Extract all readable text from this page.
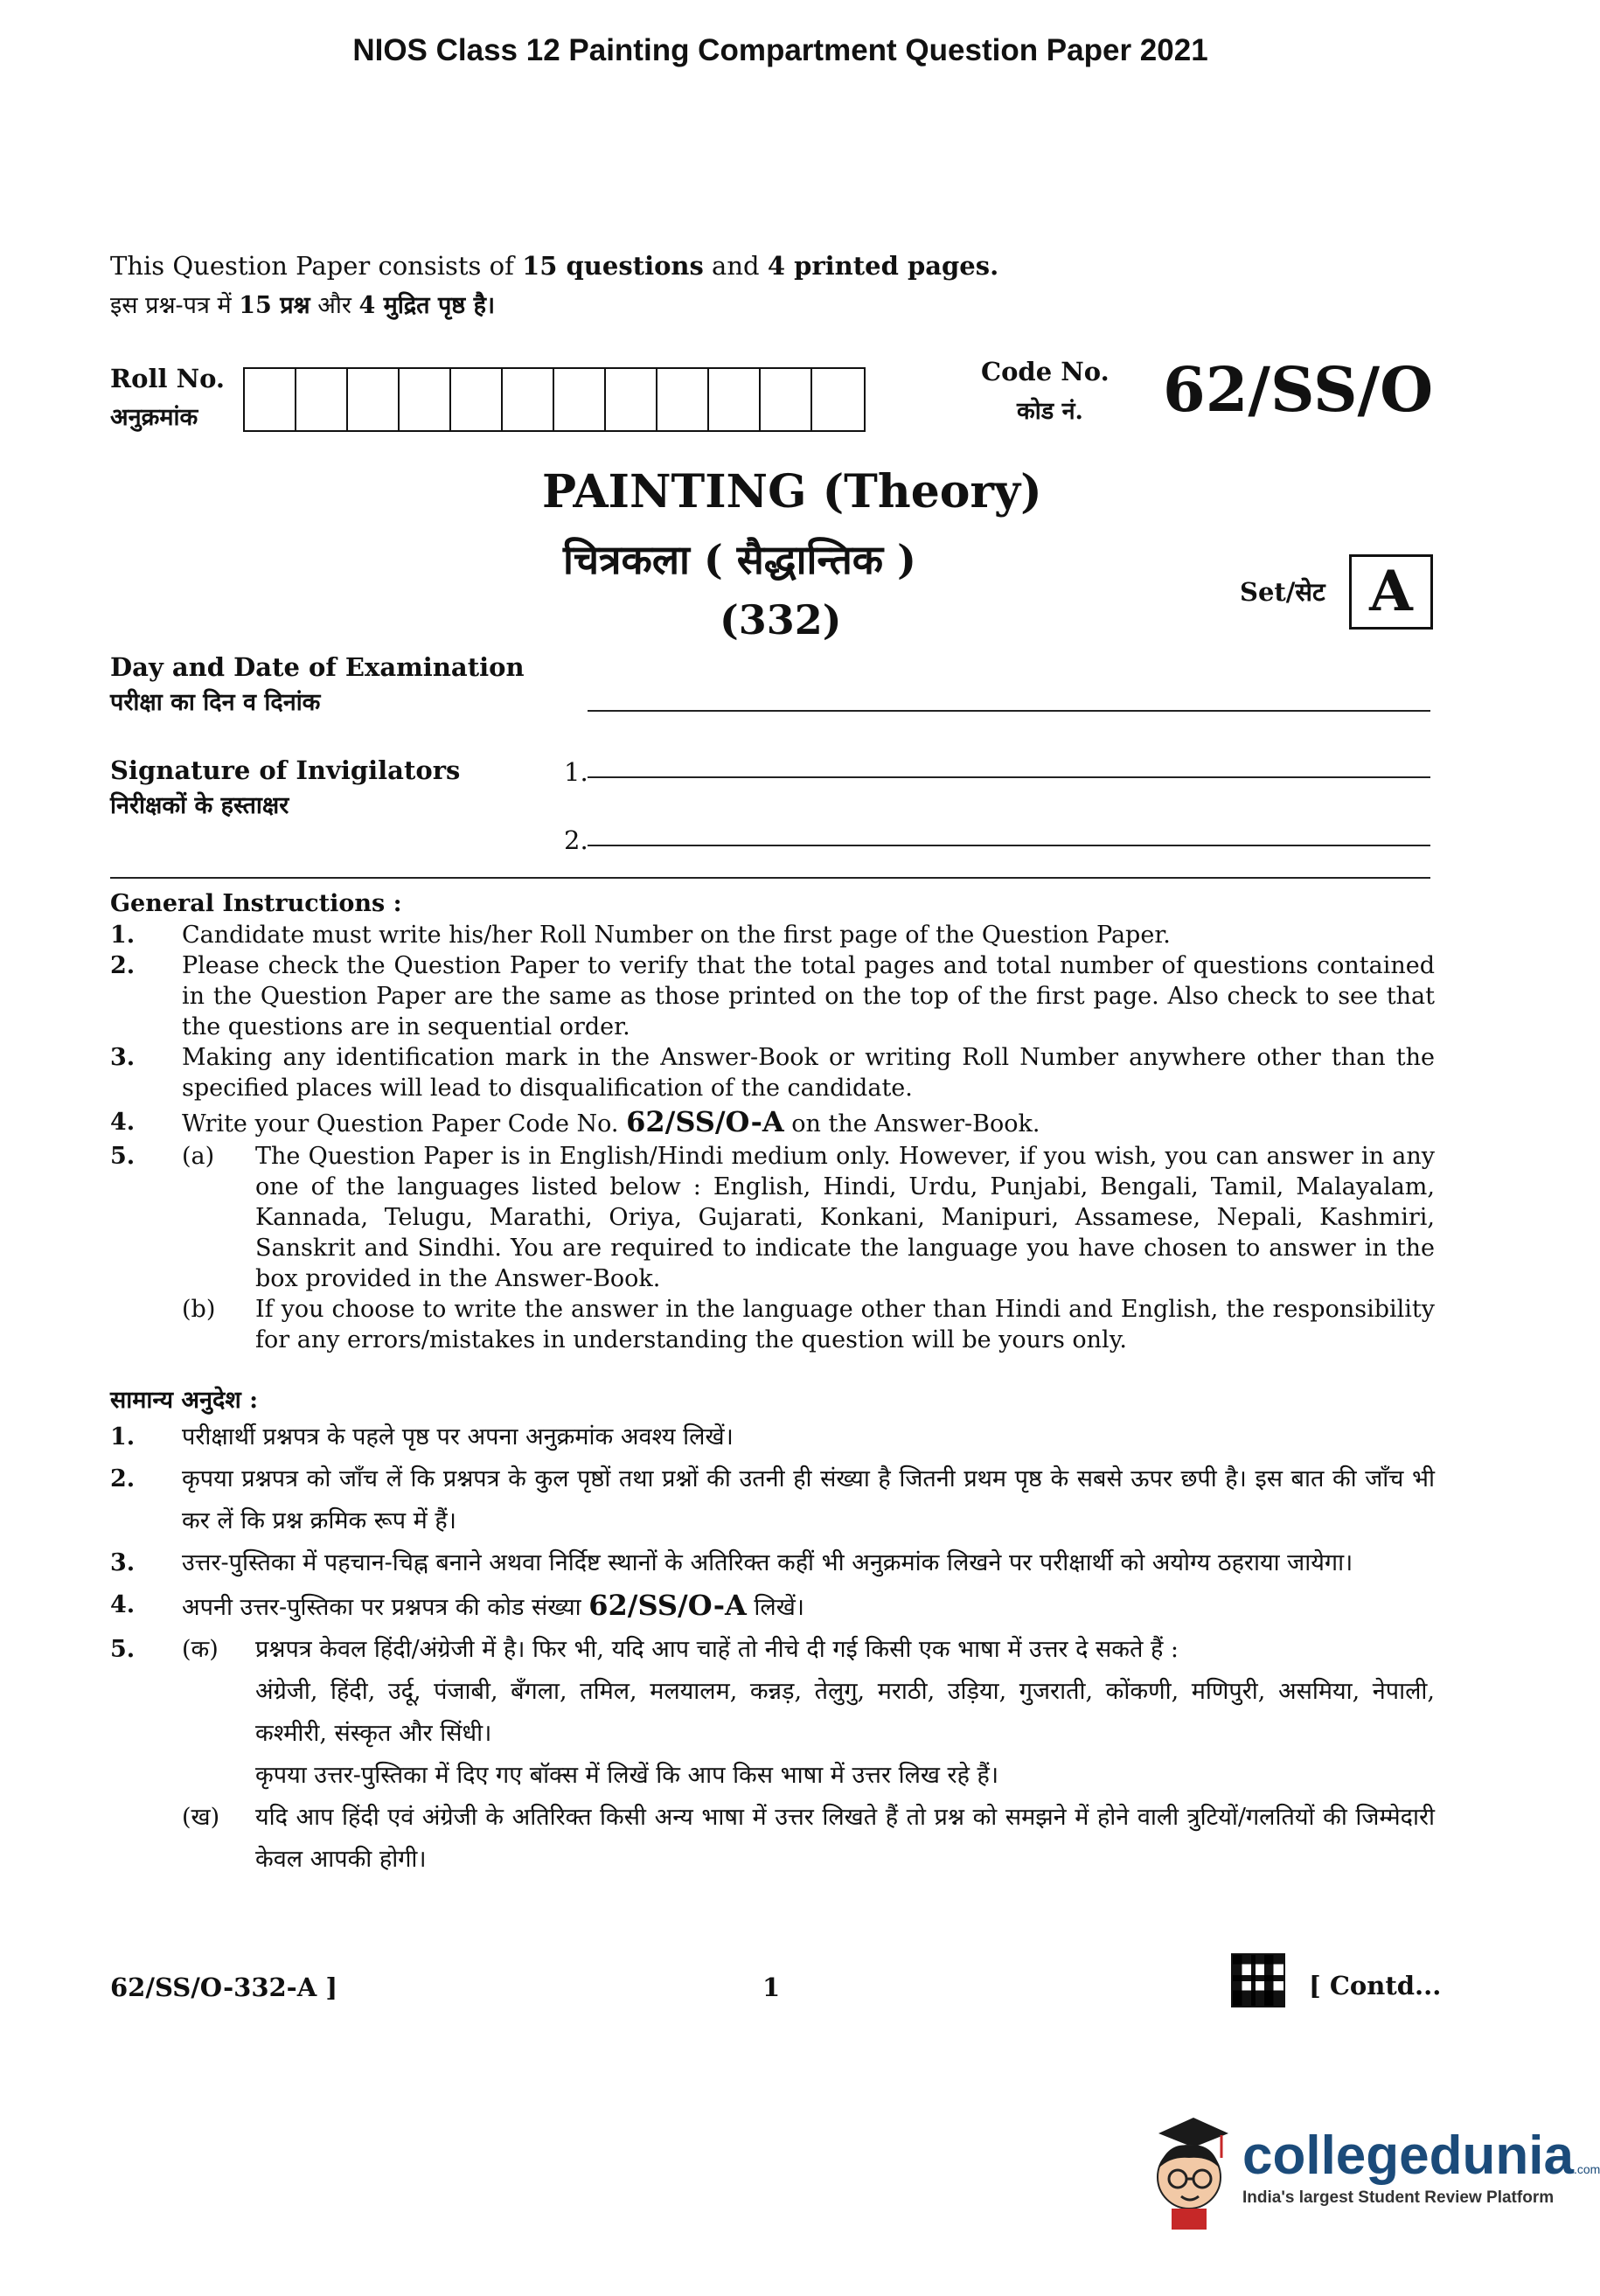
NIOS Class 12 Painting Compartment Question Paper 2021
This Question Paper consists of 15 questions and 4 printed pages.
इस प्रश्न-पत्र में 15 प्रश्न और 4 मुद्रित पृष्ठ है।
Roll No.
अनुक्रमांक
Code No.
कोड नं. 62/SS/O
PAINTING (Theory)
चित्रकला ( सैद्धान्तिक )
(332)
Set/सेट A
Day and Date of Examination
परीक्षा का दिन व दिनांक
Signature of Invigilators
निरीक्षकों के हस्ताक्षर
1.
2.
General Instructions :
1. Candidate must write his/her Roll Number on the first page of the Question Paper.
2. Please check the Question Paper to verify that the total pages and total number of questions contained in the Question Paper are the same as those printed on the top of the first page. Also check to see that the questions are in sequential order.
3. Making any identification mark in the Answer-Book or writing Roll Number anywhere other than the specified places will lead to disqualification of the candidate.
4. Write your Question Paper Code No. 62/SS/O-A on the Answer-Book.
5. (a) The Question Paper is in English/Hindi medium only. However, if you wish, you can answer in any one of the languages listed below : English, Hindi, Urdu, Punjabi, Bengali, Tamil, Malayalam, Kannada, Telugu, Marathi, Oriya, Gujarati, Konkani, Manipuri, Assamese, Nepali, Kashmiri, Sanskrit and Sindhi. You are required to indicate the language you have chosen to answer in the box provided in the Answer-Book.
(b) If you choose to write the answer in the language other than Hindi and English, the responsibility for any errors/mistakes in understanding the question will be yours only.
सामान्य अनुदेश :
1. परीक्षार्थी प्रश्नपत्र के पहले पृष्ठ पर अपना अनुक्रमांक अवश्य लिखें।
2. कृपया प्रश्नपत्र को जाँच लें कि प्रश्नपत्र के कुल पृष्ठों तथा प्रश्नों की उतनी ही संख्या है जितनी प्रथम पृष्ठ के सबसे ऊपर छपी है। इस बात की जाँच भी कर लें कि प्रश्न क्रमिक रूप में हैं।
3. उत्तर-पुस्तिका में पहचान-चिह्न बनाने अथवा निर्दिष्ट स्थानों के अतिरिक्त कहीं भी अनुक्रमांक लिखने पर परीक्षार्थी को अयोग्य ठहराया जायेगा।
4. अपनी उत्तर-पुस्तिका पर प्रश्नपत्र की कोड संख्या 62/SS/O-A लिखें।
5. (क) प्रश्नपत्र केवल हिंदी/अंग्रेजी में है। फिर भी, यदि आप चाहें तो नीचे दी गई किसी एक भाषा में उत्तर दे सकते हैं :
अंग्रेजी, हिंदी, उर्दू, पंजाबी, बँगला, तमिल, मलयालम, कन्नड़, तेलुगु, मराठी, उड़िया, गुजराती, कोंकणी, मणिपुरी, असमिया, नेपाली, कश्मीरी, संस्कृत और सिंधी।
कृपया उत्तर-पुस्तिका में दिए गए बॉक्स में लिखें कि आप किस भाषा में उत्तर लिख रहे हैं।
(ख) यदि आप हिंदी एवं अंग्रेजी के अतिरिक्त किसी अन्य भाषा में उत्तर लिखते हैं तो प्रश्न को समझने में होने वाली त्रुटियों/गलतियों की जिम्मेदारी केवल आपकी होगी।
62/SS/O-332-A ]	1	[ Contd...
collegedunia.com
India's largest Student Review Platform
